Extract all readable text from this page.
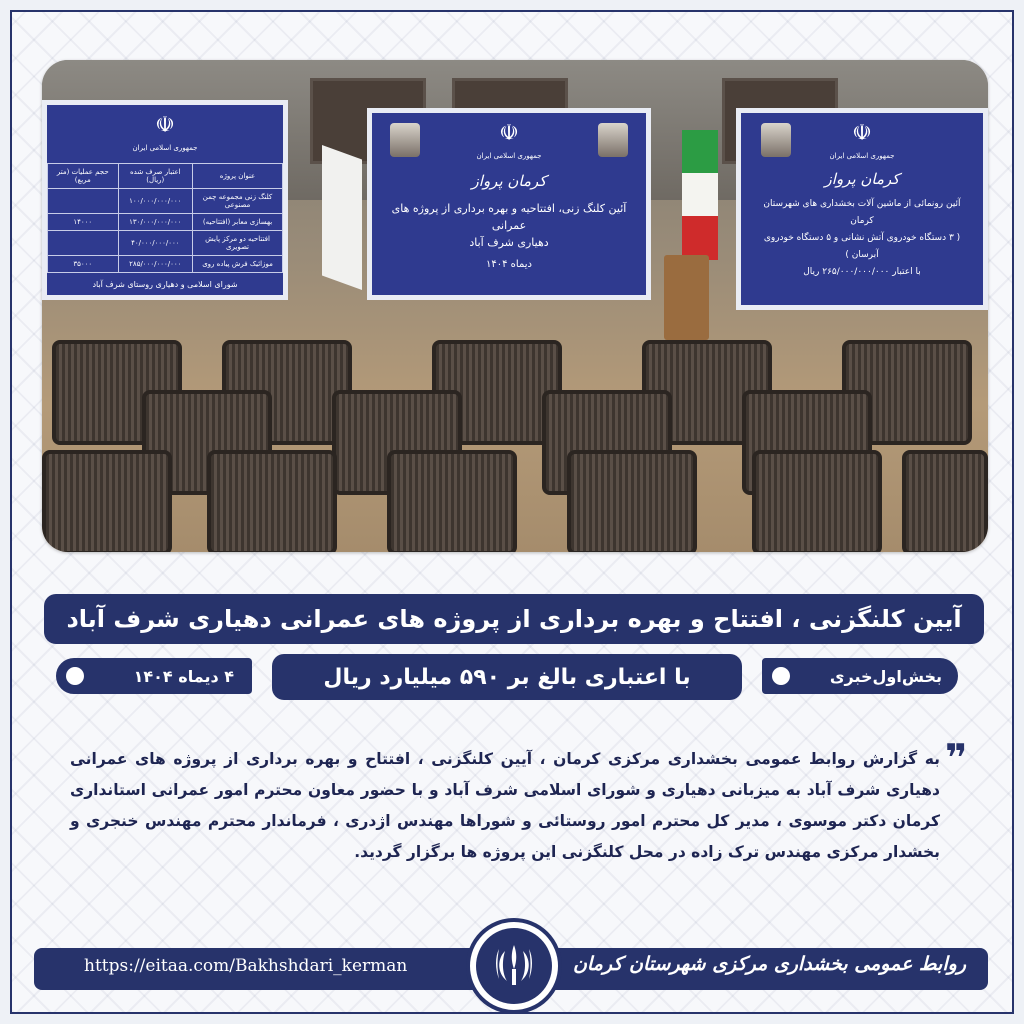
☫
جمهوری اسلامی ایران
عنوان پروژه	اعتبار صرف شده (ریال)	حجم عملیات (متر مربع)
کلنگ زنی مجموعه چمن مصنوعی	۱۰۰/۰۰۰/۰۰۰/۰۰۰	
بهسازی معابر (افتتاحیه)	۱۳۰/۰۰۰/۰۰۰/۰۰۰	۱۴۰۰۰
افتتاحیه دو مرکز پایش تصویری	۴۰/۰۰۰/۰۰۰/۰۰۰	
موزائیک فرش پیاده روی	۲۸۵/۰۰۰/۰۰۰/۰۰۰	۳۵۰۰۰
شورای اسلامی و دهیاری روستای شرف آباد
☫
جمهوری اسلامی ایران
کرمان پرواز
آئین کلنگ زنی، افتتاحیه و بهره برداری از پروژه های عمرانی
دهیاری شرف آباد
دیماه ۱۴۰۴
☫
جمهوری اسلامی ایران
کرمان پرواز
آئین رونمائی از ماشین آلات بخشداری های شهرستان کرمان
( ۳ دستگاه خودروی آتش نشانی و ۵ دستگاه خودروی آبرسان )
با اعتبار ۲۶۵/۰۰۰/۰۰۰/۰۰۰ ریال
آیین کلنگزنی ، افتتاح و بهره برداری از پروژه های عمرانی دهیاری شرف آباد
بخش‌اول‌خبری
با اعتباری بالغ بر ۵۹۰ میلیارد ریال
۴ دیماه ۱۴۰۴
❞
به گزارش روابط عمومی بخشداری مرکزی کرمان ، آیین کلنگزنی ، افتتاح و بهره برداری از پروژه های عمرانی دهیاری شرف آباد به میزبانی دهیاری و شورای اسلامی شرف آباد و با حضور معاون محترم امور عمرانی استانداری کرمان دکتر موسوی ، مدیر کل محترم امور روستائی و شوراها مهندس اژدری ، فرماندار محترم مهندس خنجری و بخشدار مرکزی مهندس ترک زاده در محل کلنگزنی این پروژه ها برگزار گردید.
https://eitaa.com/Bakhshdari_kerman	روابط عمومی بخشداری مرکزی شهرستان کرمان
